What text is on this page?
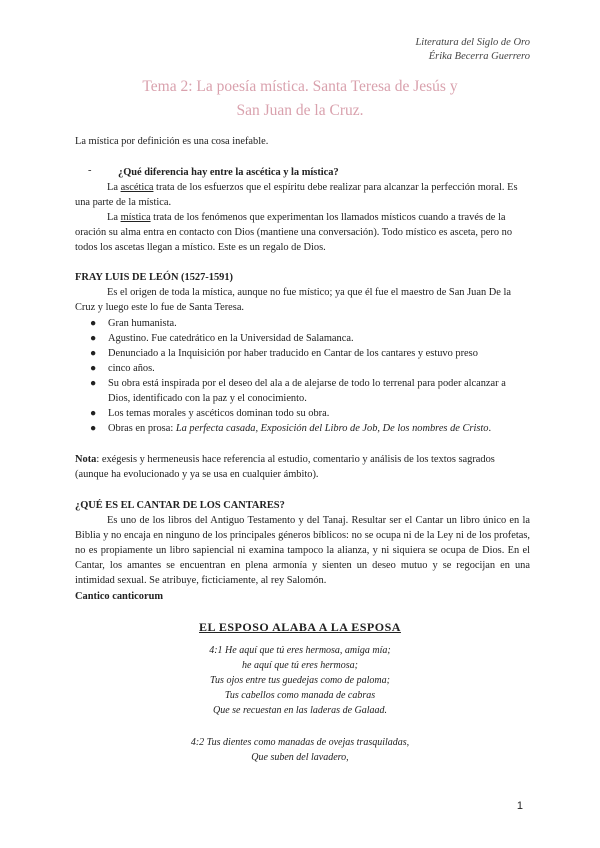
Literatura del Siglo de Oro
Érika Becerra Guerrero
Tema 2: La poesía mística. Santa Teresa de Jesús y
San Juan de la Cruz.
La mística por definición es una cosa inefable.
-	¿Qué diferencia hay entre la ascética y la mística?
La ascética trata de los esfuerzos que el espíritu debe realizar para alcanzar la perfección moral. Es una parte de la mística.
La mística trata de los fenómenos que experimentan los llamados místicos cuando a través de la oración su alma entra en contacto con Dios (mantiene una conversación). Todo místico es asceta, pero no todos los ascetas llegan a místico. Este es un regalo de Dios.
FRAY LUIS DE LEÓN (1527-1591)
Es el origen de toda la mística, aunque no fue místico; ya que él fue el maestro de San Juan De la Cruz y luego este lo fue de Santa Teresa.
● Gran humanista.
● Agustino. Fue catedrático en la Universidad de Salamanca.
● Denunciado a la Inquisición por haber traducido en Cantar de los cantares y estuvo preso
● cinco años.
● Su obra está inspirada por el deseo del ala a de alejarse de todo lo terrenal para poder alcanzar a Dios, identificado con la paz y el conocimiento.
● Los temas morales y ascéticos dominan todo su obra.
● Obras en prosa: La perfecta casada, Exposición del Libro de Job, De los nombres de Cristo.
Nota: exégesis y hermeneusis hace referencia al estudio, comentario y análisis de los textos sagrados (aunque ha evolucionado y ya se usa en cualquier ámbito).
¿QUÉ ES EL CANTAR DE LOS CANTARES?
Es uno de los libros del Antiguo Testamento y del Tanaj. Resultar ser el Cantar un libro único en la Biblia y no encaja en ninguno de los principales géneros bíblicos: no se ocupa ni de la Ley ni de los profetas, no es propiamente un libro sapiencial ni examina tampoco la alianza, y ni siquiera se ocupa de Dios. En el Cantar, los amantes se encuentran en plena armonía y sienten un deseo mutuo y se regocijan en una intimidad sexual. Se atribuye, ficticiamente, al rey Salomón.
Cantico canticorum
EL ESPOSO ALABA A LA ESPOSA
4:1 He aquí que tú eres hermosa, amiga mía;
he aquí que tú eres hermosa;
Tus ojos entre tus guedejas como de paloma;
Tus cabellos como manada de cabras
Que se recuestan en las laderas de Galaad.
4:2 Tus dientes como manadas de ovejas trasquiladas,
Que suben del lavadero,
1
